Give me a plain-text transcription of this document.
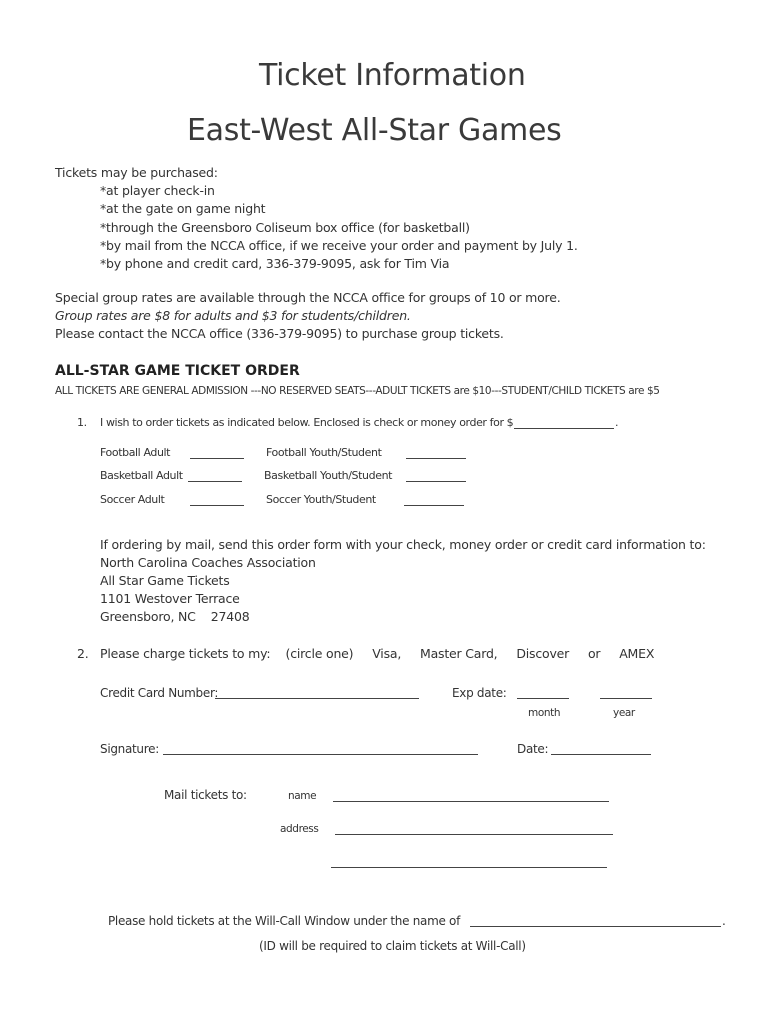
Ticket Information
East-West All-Star Games
Tickets may be purchased:
*at player check-in
*at the gate on game night
*through the Greensboro Coliseum box office (for basketball)
*by mail from the NCCA office, if we receive your order and payment by July 1.
*by phone and credit card, 336-379-9095, ask for Tim Via
Special group rates are available through the NCCA office for groups of 10 or more.
Group rates are $8 for adults and $3 for students/children.
Please contact the NCCA office (336-379-9095) to purchase group tickets.
ALL-STAR GAME TICKET ORDER
ALL TICKETS ARE GENERAL ADMISSION ---NO RESERVED SEATS---ADULT TICKETS are $10---STUDENT/CHILD TICKETS are $5
1. I wish to order tickets as indicated below. Enclosed is check or money order for $	.
Football Adult	Football Youth/Student
Basketball Adult	Basketball Youth/Student
Soccer Adult	Soccer Youth/Student
If ordering by mail, send this order form with your check, money order or credit card information to:
North Carolina Coaches Association
All Star Game Tickets
1101 Westover Terrace
Greensboro, NC    27408
2. Please charge tickets to my:    (circle one)     Visa,     Master Card,     Discover     or     AMEX
Credit Card Number:	Exp date:
month	year
Signature:	Date:
Mail tickets to:	name
address
Please hold tickets at the Will-Call Window under the name of	.
(ID will be required to claim tickets at Will-Call)
